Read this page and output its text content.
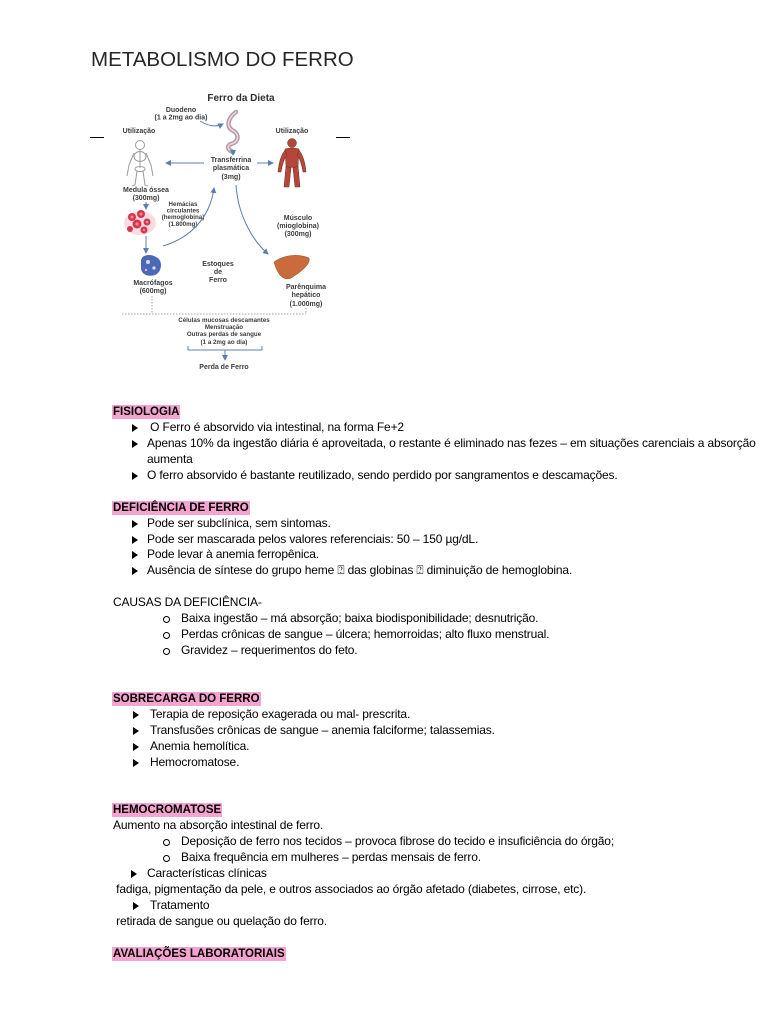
METABOLISMO DO FERRO
Ferro da Dieta
Duodeno
(1 a 2mg ao dia)
Utilização	Utilização
Transferrina
plasmática
(3mg)
Medula óssea
(300mg)
Hemácias
circulantes
(hemoglobina)
(1.800mg)
Músculo
(mioglobina)
(300mg)
Estoques
de
Ferro
Macrófagos
(600mg)
Parênquima
hepático
(1.000mg)
Células mucosas descamantes
Menstruação
Outras perdas de sangue
(1 a 2mg ao dia)
Perda de Ferro
FISIOLOGIA
O Ferro é absorvido via intestinal, na forma Fe+2
Apenas 10% da ingestão diária é aproveitada, o restante é eliminado nas fezes – em situações carenciais a absorção aumenta
O ferro absorvido é bastante reutilizado, sendo perdido por sangramentos e descamações.
DEFICIÊNCIA DE FERRO
Pode ser subclínica, sem sintomas.
Pode ser mascarada pelos valores referenciais: 50 – 150 µg/dL.
Pode levar à anemia ferropênica.
Ausência de síntese do grupo heme ⍰ das globinas ⍰ diminuição de hemoglobina.
CAUSAS DA DEFICIÊNCIA-
Baixa ingestão – má absorção; baixa biodisponibilidade; desnutrição.
Perdas crônicas de sangue – úlcera; hemorroidas; alto fluxo menstrual.
Gravidez – requerimentos do feto.
SOBRECARGA DO FERRO
Terapia de reposição exagerada ou mal- prescrita.
Transfusões crônicas de sangue – anemia falciforme; talassemias.
Anemia hemolítica.
Hemocromatose.
HEMOCROMATOSE
Aumento na absorção intestinal de ferro.
Deposição de ferro nos tecidos – provoca fibrose do tecido e insuficiência do órgão;
Baixa frequência em mulheres – perdas mensais de ferro.
Características clínicas
fadiga, pigmentação da pele, e outros associados ao órgão afetado (diabetes, cirrose, etc).
Tratamento
retirada de sangue ou quelação do ferro.
AVALIAÇÕES LABORATORIAIS
